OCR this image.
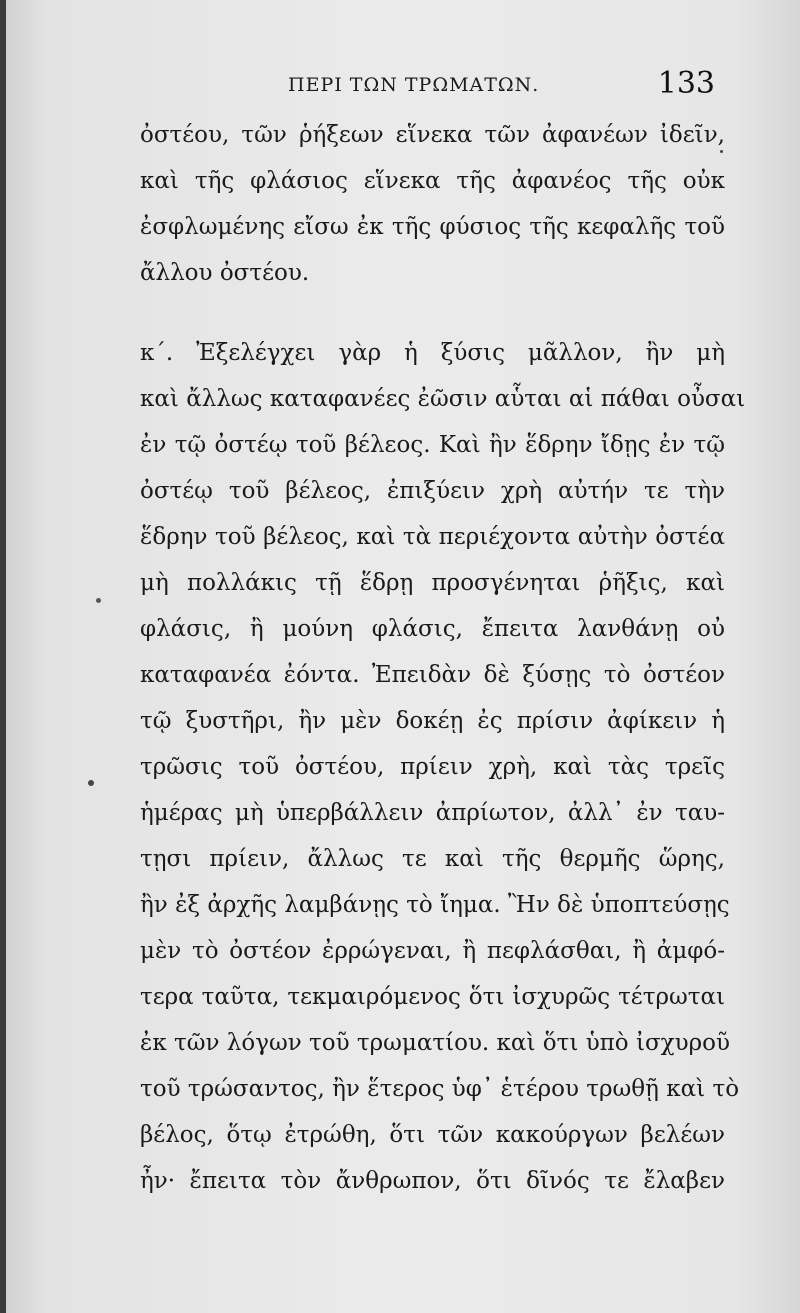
ΠΕΡΙ ΤΩΝ ΤΡΩΜΑΤΩΝ.	133
ὀστέου, τῶν ῥήξεων εἵνεκα τῶν ἀφανέων ἰδεῖν,
καὶ τῆς φλάσιος εἵνεκα τῆς ἀφανέος τῆς οὐκ
ἐσφλωμένης εἴσω ἐκ τῆς φύσιος τῆς κεφαλῆς τοῦ
ἄλλου ὀστέου.
κ΄. Ἐξελέγχει γὰρ ἡ ξύσις μᾶλλον, ἢν μὴ
καὶ ἄλλως καταφανέες ἐῶσιν αὗται αἱ πάθαι οὖσαι
ἐν τῷ ὀστέῳ τοῦ βέλεος. Καὶ ἢν ἕδρην ἴδῃς ἐν τῷ
ὀστέῳ τοῦ βέλεος, ἐπιξύειν χρὴ αὐτήν τε τὴν
ἕδρην τοῦ βέλεος, καὶ τὰ περιέχοντα αὐτὴν ὀστέα
μὴ πολλάκις τῇ ἕδρῃ προσγένηται ῥῆξις, καὶ
φλάσις, ἢ μούνη φλάσις, ἔπειτα λανθάνῃ οὐ
καταφανέα ἐόντα. Ἐπειδὰν δὲ ξύσῃς τὸ ὀστέον
τῷ ξυστῆρι, ἢν μὲν δοκέῃ ἐς πρίσιν ἀφίκειν ἡ
τρῶσις τοῦ ὀστέου, πρίειν χρὴ, καὶ τὰς τρεῖς
ἡμέρας μὴ ὑπερβάλλειν ἀπρίωτον, ἀλλ᾽ ἐν ταυ-
τῃσι πρίειν, ἄλλως τε καὶ τῆς θερμῆς ὥρης,
ἢν ἐξ ἀρχῆς λαμβάνῃς τὸ ἴημα. Ἢν δὲ ὑποπτεύσῃς
μὲν τὸ ὀστέον ἐρρώγεναι, ἢ πεφλάσθαι, ἢ ἀμφό-
τερα ταῦτα, τεκμαιρόμενος ὅτι ἰσχυρῶς τέτρωται
ἐκ τῶν λόγων τοῦ τρωματίου. καὶ ὅτι ὑπὸ ἰσχυροῦ
τοῦ τρώσαντος, ἢν ἕτερος ὑφ᾽ ἑτέρου τρωθῇ καὶ τὸ
βέλος, ὅτῳ ἐτρώθη, ὅτι τῶν κακούργων βελέων
ἦν· ἔπειτα τὸν ἄνθρωπον, ὅτι δῖνός τε ἔλαβεν
